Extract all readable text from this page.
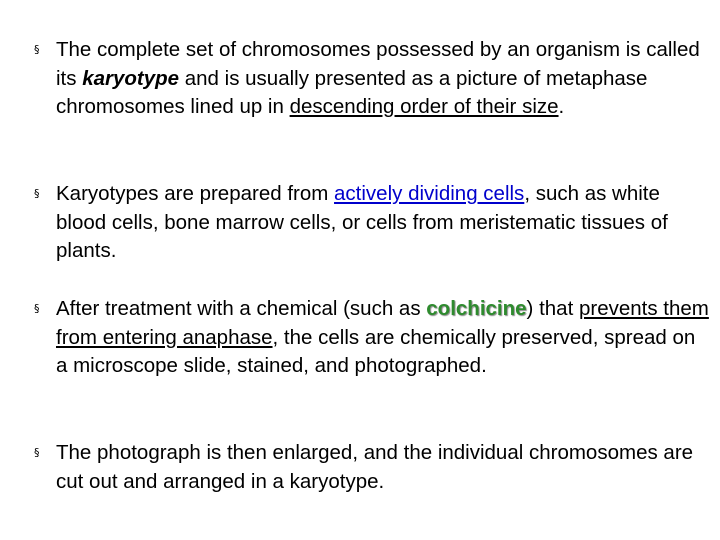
§ The complete set of chromosomes possessed by an organism is called its karyotype and is usually presented as a picture of metaphase chromosomes lined up in descending order of their size.
§ Karyotypes are prepared from actively dividing cells, such as white blood cells, bone marrow cells, or cells from meristematic tissues of plants.
§ After treatment with a chemical (such as colchicine) that prevents them from entering anaphase, the cells are chemically preserved, spread on a microscope slide, stained, and photographed.
§ The photograph is then enlarged, and the individual chromosomes are cut out and arranged in a karyotype.
